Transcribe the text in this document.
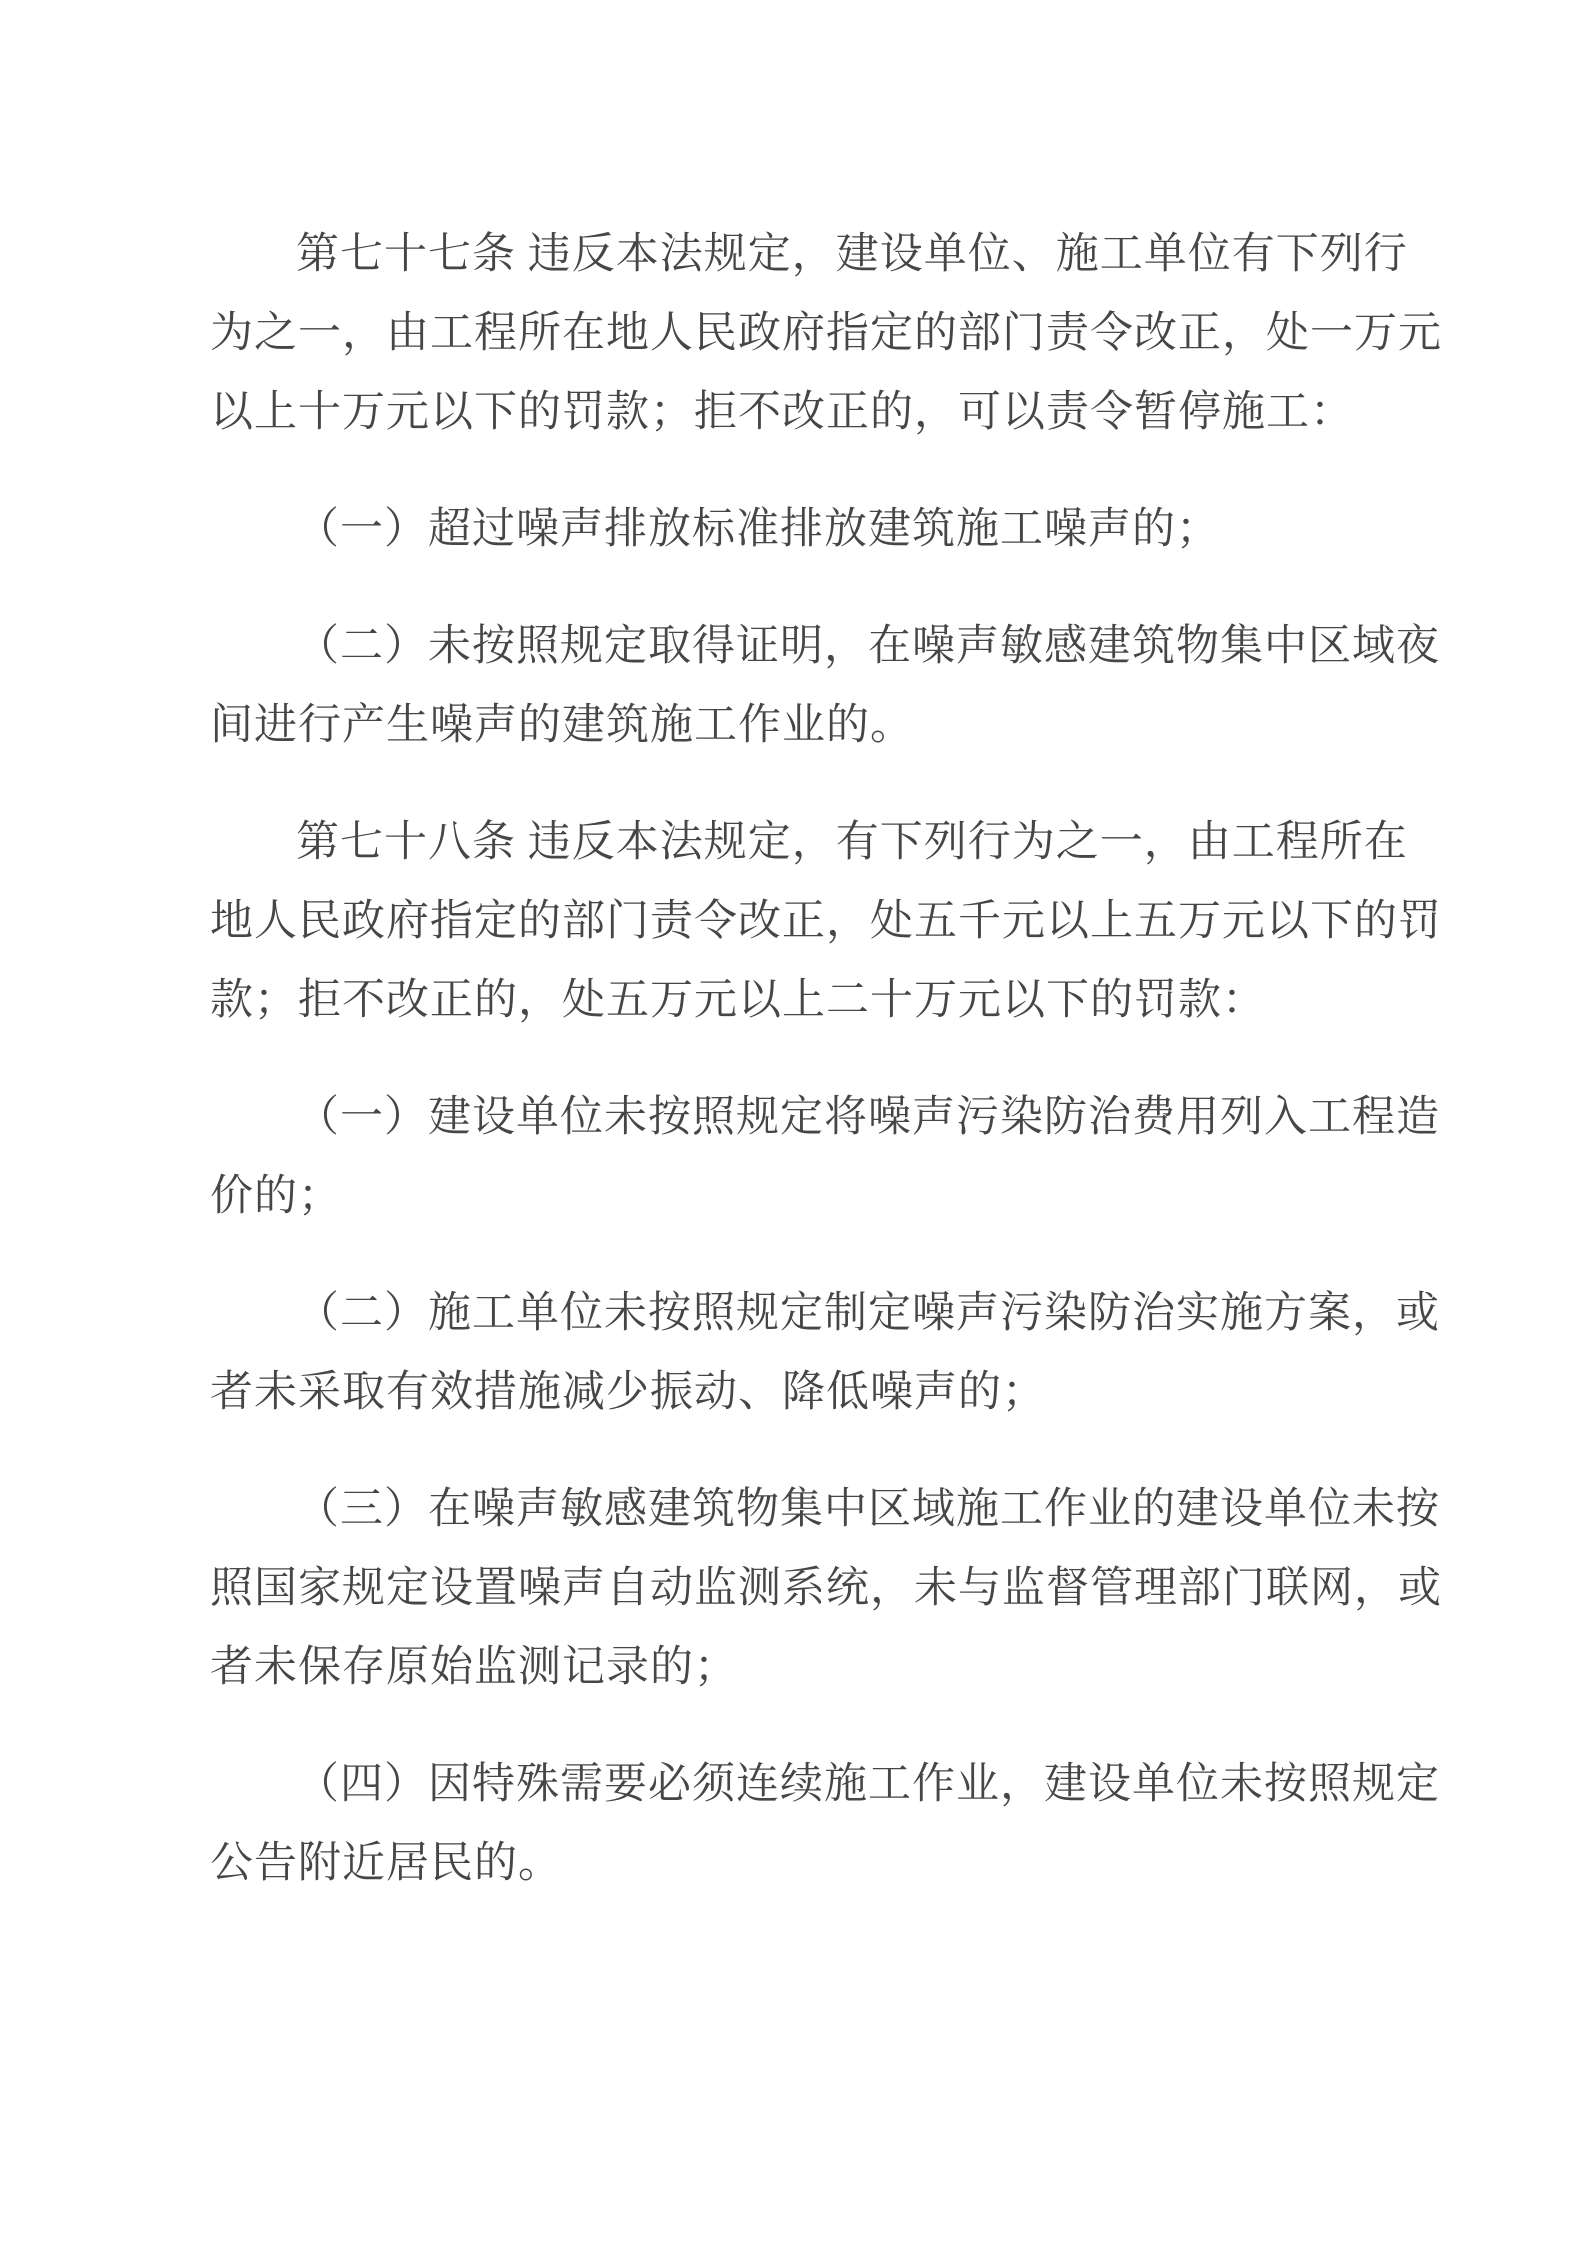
第七十七条 违反本法规定，建设单位、施工单位有下列行
为之一，由工程所在地人民政府指定的部门责令改正，处一万元
以上十万元以下的罚款；拒不改正的，可以责令暂停施工：
（一）超过噪声排放标准排放建筑施工噪声的；
（二）未按照规定取得证明，在噪声敏感建筑物集中区域夜
间进行产生噪声的建筑施工作业的。
第七十八条 违反本法规定，有下列行为之一，由工程所在
地人民政府指定的部门责令改正，处五千元以上五万元以下的罚
款；拒不改正的，处五万元以上二十万元以下的罚款：
（一）建设单位未按照规定将噪声污染防治费用列入工程造
价的；
（二）施工单位未按照规定制定噪声污染防治实施方案，或
者未采取有效措施减少振动、降低噪声的；
（三）在噪声敏感建筑物集中区域施工作业的建设单位未按
照国家规定设置噪声自动监测系统，未与监督管理部门联网，或
者未保存原始监测记录的；
（四）因特殊需要必须连续施工作业，建设单位未按照规定
公告附近居民的。
